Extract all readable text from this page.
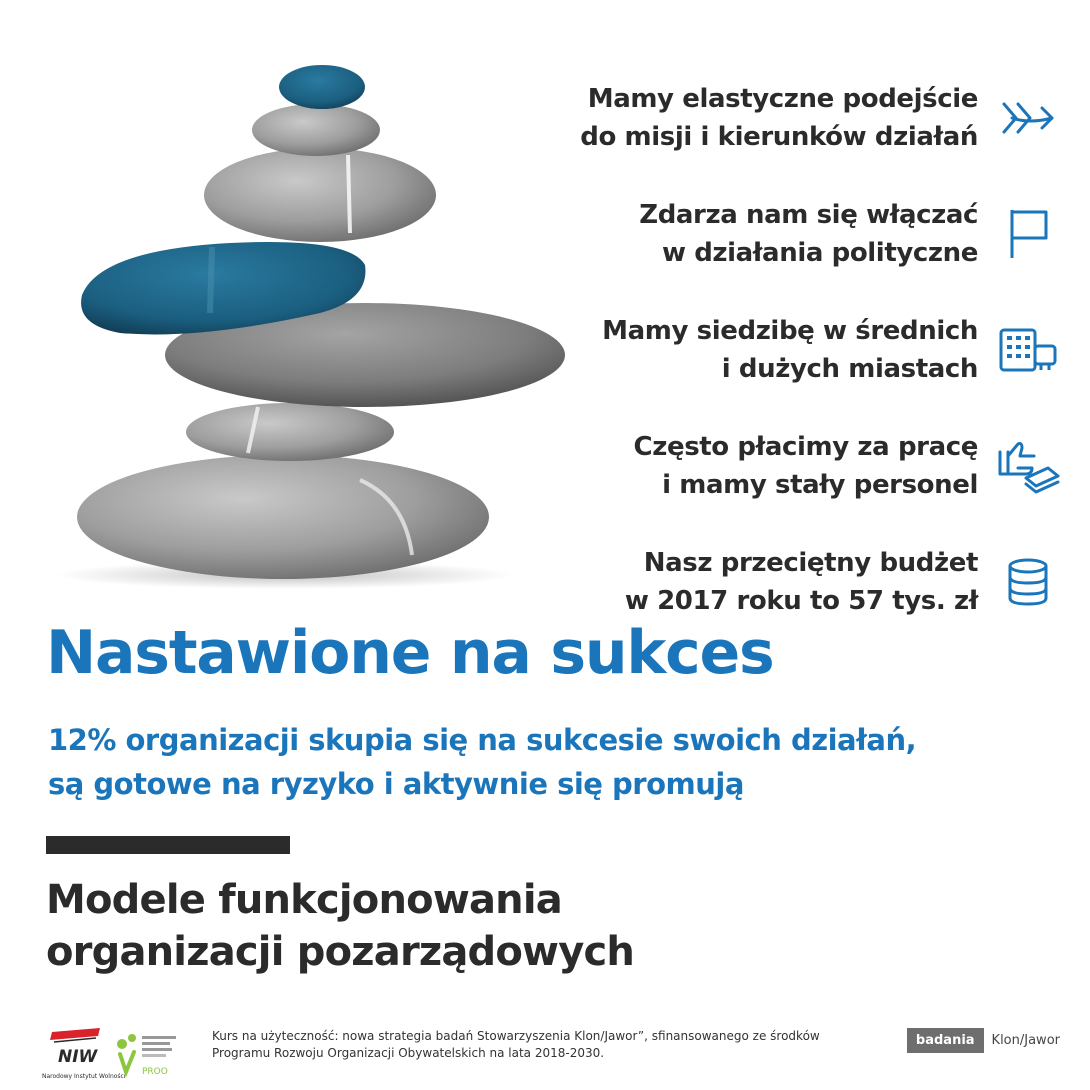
Mamy elastyczne podejście
do misji i kierunków działań
Zdarza nam się włączać
w działania polityczne
Mamy siedzibę w średnich
i dużych miastach
Często płacimy za pracę
i mamy stały personel
Nasz przeciętny budżet
w 2017 roku to 57 tys. zł
Nastawione na sukces
12% organizacji skupia się na sukcesie swoich działań,
są gotowe na ryzyko i aktywnie się promują
Modele funkcjonowania
organizacji pozarządowych
NIW
Narodowy Instytut Wolności PROO
Kurs na użyteczność: nowa strategia badań Stowarzyszenia Klon/Jawor”, sfinansowanego ze środków
Programu Rozwoju Organizacji Obywatelskich na lata 2018-2030.
badania	Klon/Jawor
